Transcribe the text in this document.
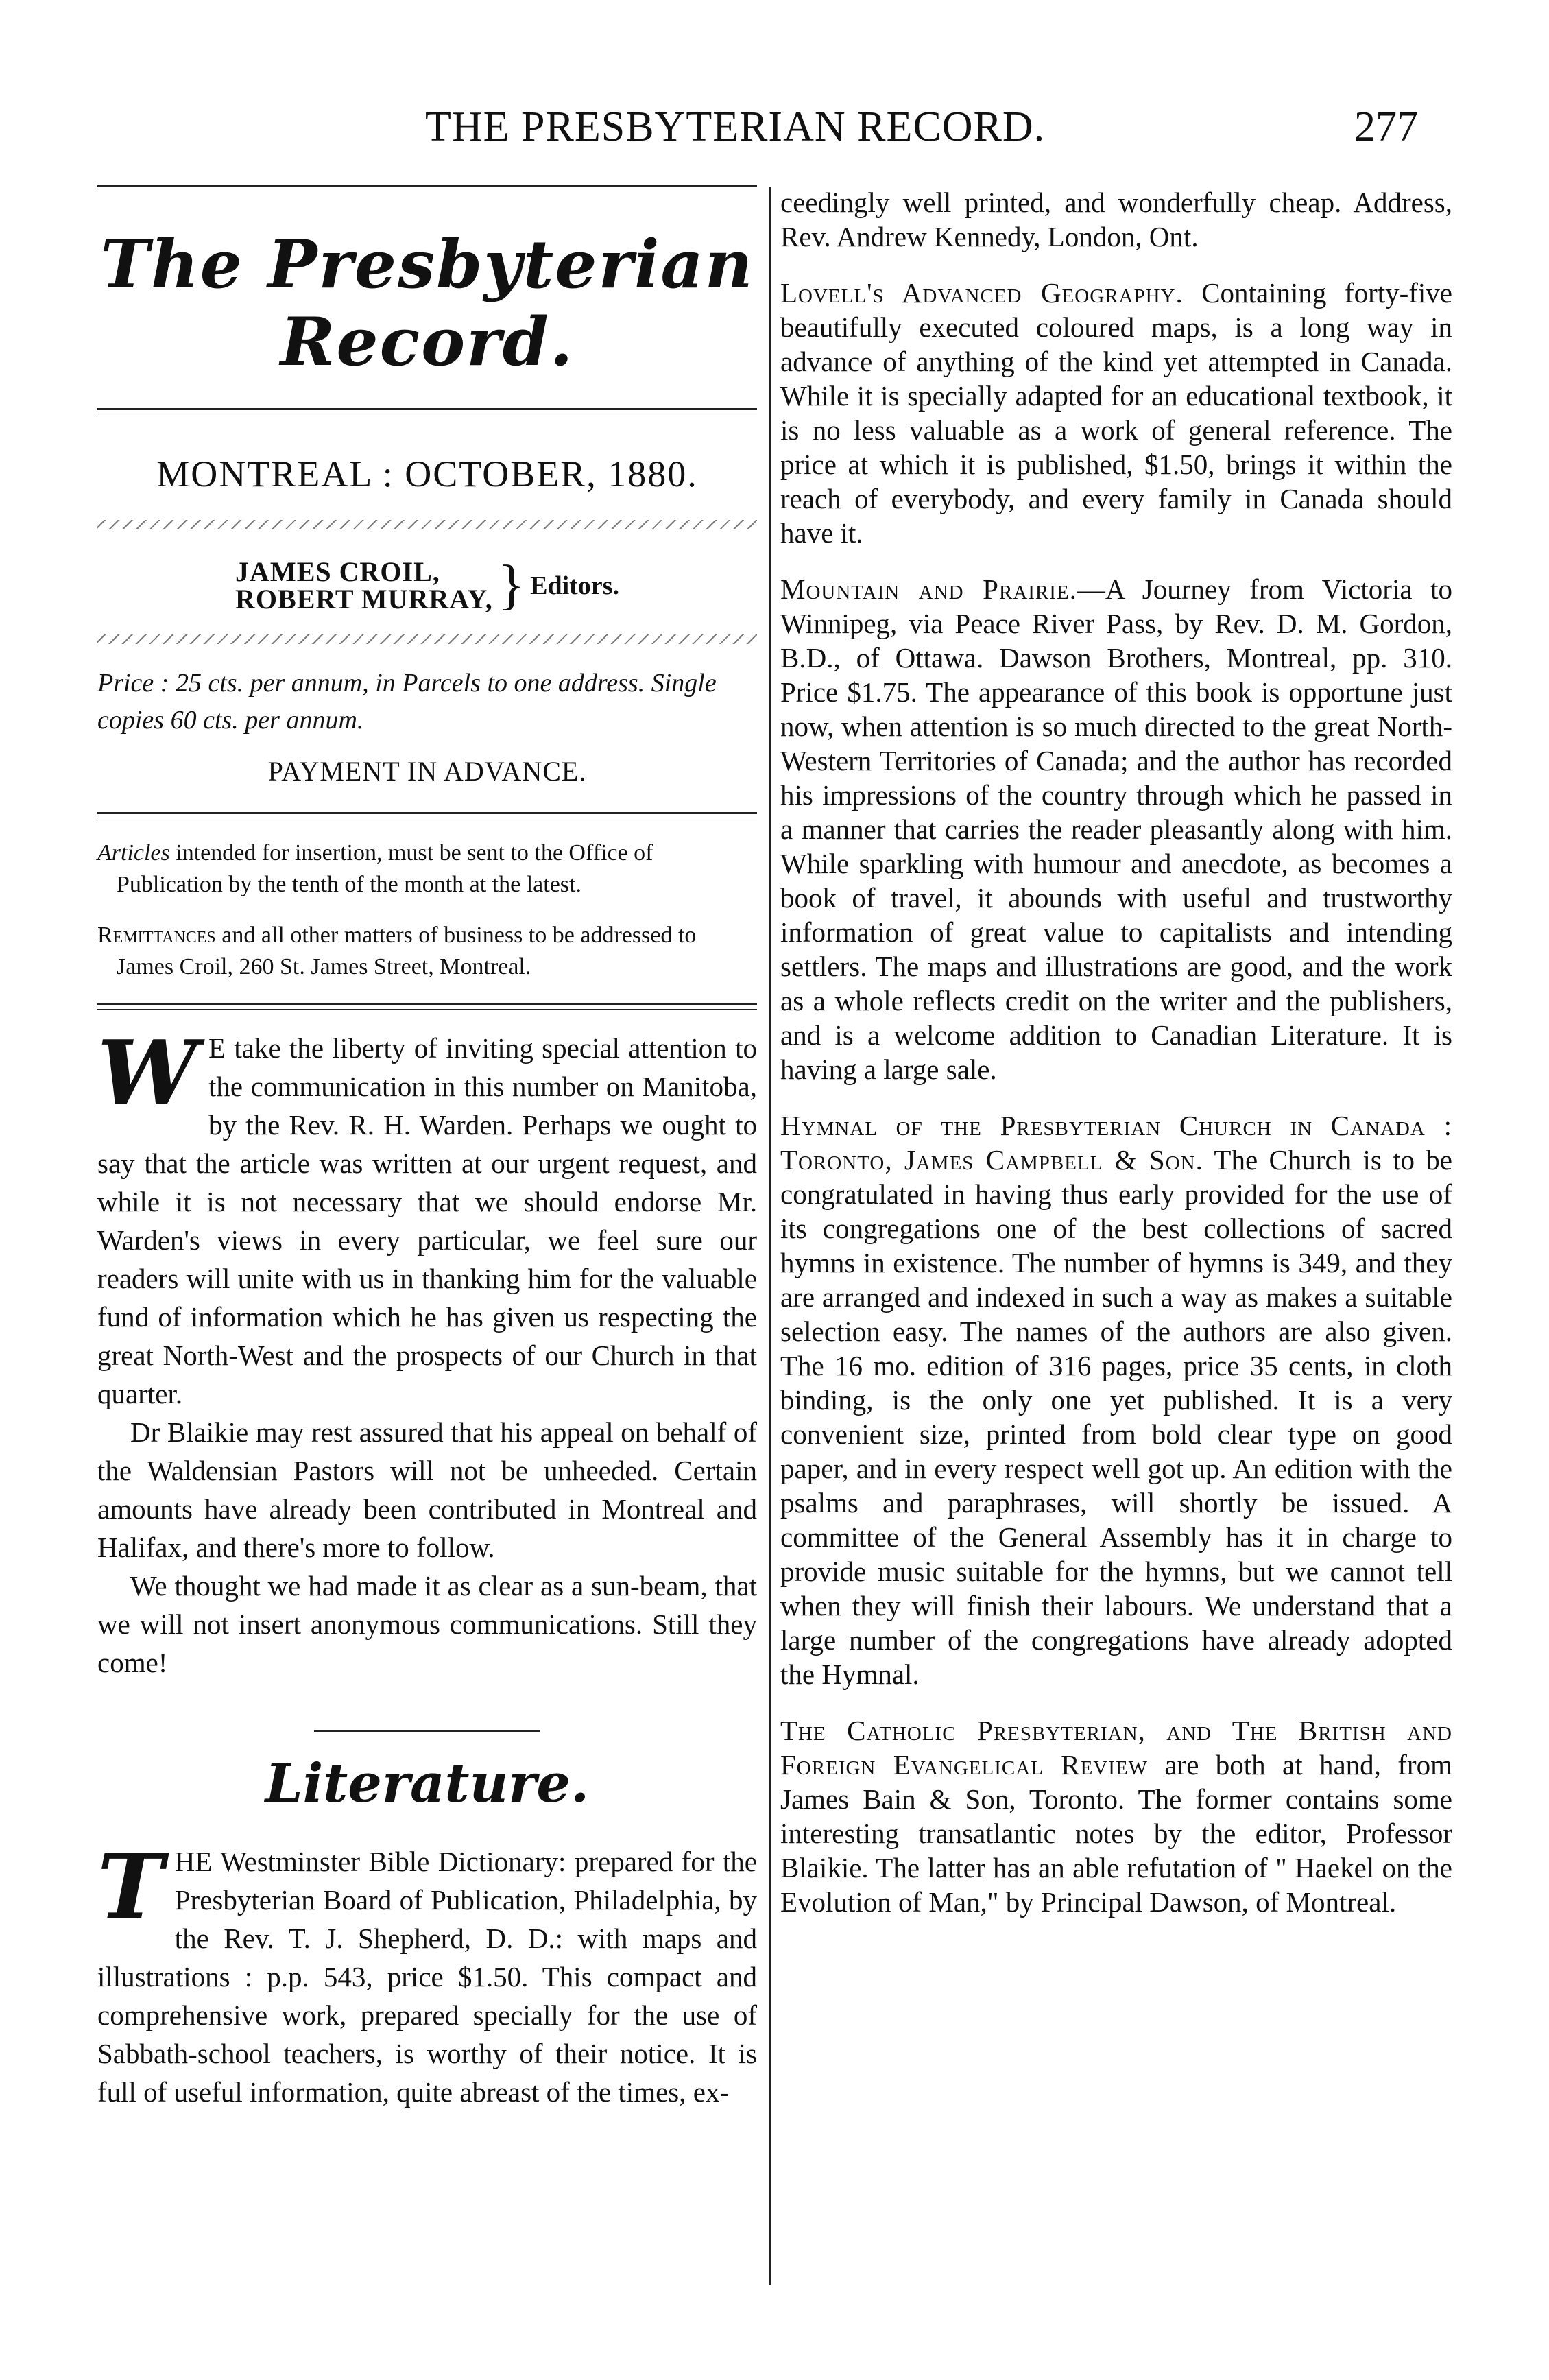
THE PRESBYTERIAN RECORD.	277
The Presbyterian Record.
MONTREAL : OCTOBER, 1880.
JAMES CROIL,
ROBERT MURRAY, } Editors.

Price : 25 cts. per annum, in Parcels to one address. Single copies 60 cts. per annum.

PAYMENT IN ADVANCE.

Articles intended for insertion, must be sent to the Office of Publication by the tenth of the month at the latest.

Remittances and all other matters of business to be addressed to James Croil, 260 St. James Street, Montreal.

W E take the liberty of inviting special attention to the communication in this number on Manitoba, by the Rev. R. H. Warden. Perhaps we ought to say that the article was written at our urgent request, and while it is not necessary that we should endorse Mr. Warden's views in every particular, we feel sure our readers will unite with us in thanking him for the valuable fund of information which he has given us respecting the great North-West and the prospects of our Church in that quarter.

Dr Blaikie may rest assured that his appeal on behalf of the Waldensian Pastors will not be unheeded. Certain amounts have already been contributed in Montreal and Halifax, and there's more to follow.

We thought we had made it as clear as a sun-beam, that we will not insert anonymous communications. Still they come!

Literature.
T HE Westminster Bible Dictionary: prepared for the Presbyterian Board of Publication, Philadelphia, by the Rev. T. J. Shepherd, D. D.: with maps and illustrations : p.p. 543, price $1.50. This compact and comprehensive work, prepared specially for the use of Sabbath-school teachers, is worthy of their notice. It is full of useful information, quite abreast of the times, ex-

ceedingly well printed, and wonderfully cheap. Address, Rev. Andrew Kennedy, London, Ont.

Lovell's Advanced Geography. Containing forty-five beautifully executed coloured maps, is a long way in advance of anything of the kind yet attempted in Canada. While it is specially adapted for an educational textbook, it is no less valuable as a work of general reference. The price at which it is published, $1.50, brings it within the reach of everybody, and every family in Canada should have it.

Mountain and Prairie.—A Journey from Victoria to Winnipeg, via Peace River Pass, by Rev. D. M. Gordon, B.D., of Ottawa. Dawson Brothers, Montreal, pp. 310. Price $1.75. The appearance of this book is opportune just now, when attention is so much directed to the great North-Western Territories of Canada; and the author has recorded his impressions of the country through which he passed in a manner that carries the reader pleasantly along with him. While sparkling with humour and anecdote, as becomes a book of travel, it abounds with useful and trustworthy information of great value to capitalists and intending settlers. The maps and illustrations are good, and the work as a whole reflects credit on the writer and the publishers, and is a welcome addition to Canadian Literature. It is having a large sale.

Hymnal of the Presbyterian Church in Canada : Toronto, James Campbell & Son. The Church is to be congratulated in having thus early provided for the use of its congregations one of the best collections of sacred hymns in existence. The number of hymns is 349, and they are arranged and indexed in such a way as makes a suitable selection easy. The names of the authors are also given. The 16 mo. edition of 316 pages, price 35 cents, in cloth binding, is the only one yet published. It is a very convenient size, printed from bold clear type on good paper, and in every respect well got up. An edition with the psalms and paraphrases, will shortly be issued. A committee of the General Assembly has it in charge to provide music suitable for the hymns, but we cannot tell when they will finish their labours. We understand that a large number of the congregations have already adopted the Hymnal.

The Catholic Presbyterian, and The British and Foreign Evangelical Review are both at hand, from James Bain & Son, Toronto. The former contains some interesting transatlantic notes by the editor, Professor Blaikie. The latter has an able refutation of " Haekel on the Evolution of Man," by Principal Dawson, of Montreal.
